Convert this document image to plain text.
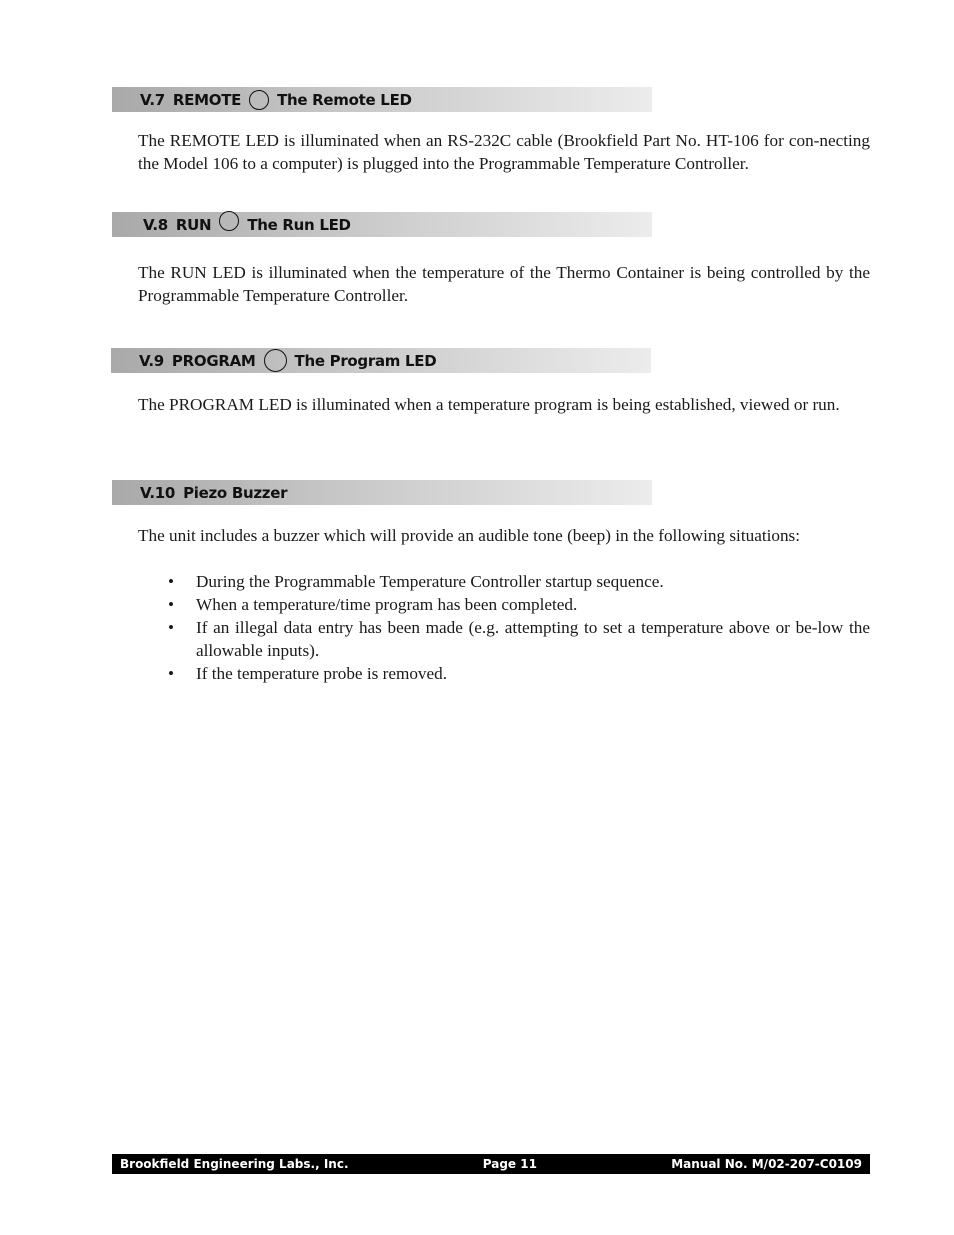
V.7 REMOTE The Remote LED

The REMOTE LED is illuminated when an RS-232C cable (Brookfield Part No. HT-106 for con-necting the Model 106 to a computer) is plugged into the Programmable Temperature Controller.

V.8 RUN The Run LED

The RUN LED is illuminated when the temperature of the Thermo Container is being controlled by the Programmable Temperature Controller.

V.9 PROGRAM	The Program LED

The PROGRAM LED is illuminated when a temperature program is being established, viewed or run.

V.10 Piezo Buzzer

The unit includes a buzzer which will provide an audible tone (beep) in the following situations:

• During the Programmable Temperature Controller startup sequence.
• When a temperature/time program has been completed.
• If an illegal data entry has been made (e.g. attempting to set a temperature above or be-low the allowable inputs).
• If the temperature probe is removed.
Brookfield Engineering Labs., Inc.	Page 11	Manual No. M/02-207-C0109
